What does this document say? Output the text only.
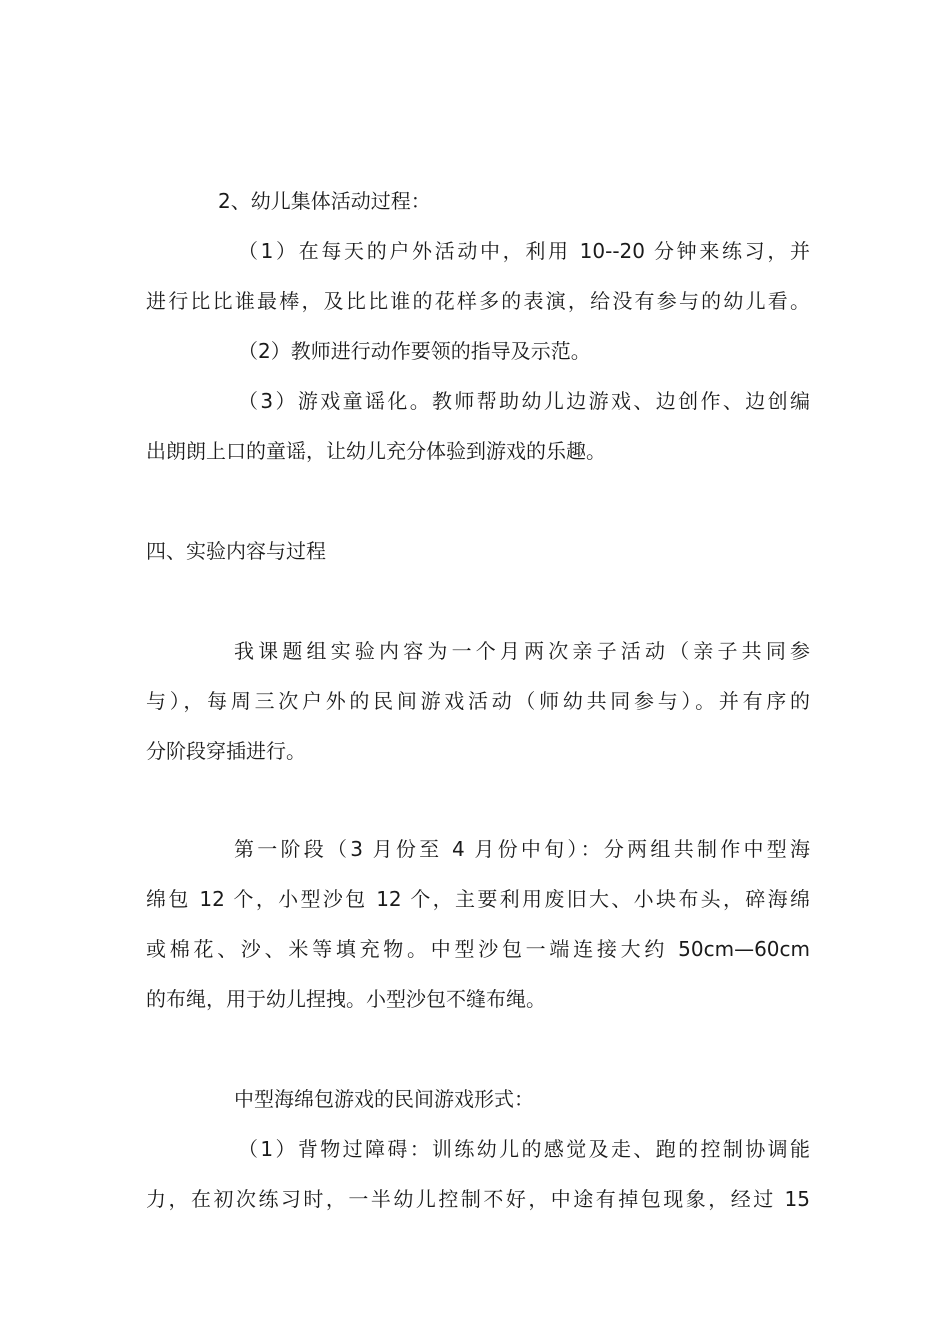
2、幼儿集体活动过程：
（1）在每天的户外活动中，利用 10--20 分钟来练习，并
进行比比谁最棒，及比比谁的花样多的表演，给没有参与的幼儿看。
（2）教师进行动作要领的指导及示范。
（3）游戏童谣化。教师帮助幼儿边游戏、边创作、边创编
出朗朗上口的童谣，让幼儿充分体验到游戏的乐趣。
四、实验内容与过程
我课题组实验内容为一个月两次亲子活动（亲子共同参
与），每周三次户外的民间游戏活动（师幼共同参与）。并有序的
分阶段穿插进行。
第一阶段（3 月份至 4 月份中旬）：分两组共制作中型海
绵包 12 个，小型沙包 12 个，主要利用废旧大、小块布头，碎海绵
或棉花、沙、米等填充物。中型沙包一端连接大约 50cm—60cm
的布绳，用于幼儿捏拽。小型沙包不缝布绳。
中型海绵包游戏的民间游戏形式：
（1）背物过障碍：训练幼儿的感觉及走、跑的控制协调能
力，在初次练习时，一半幼儿控制不好，中途有掉包现象，经过 15
